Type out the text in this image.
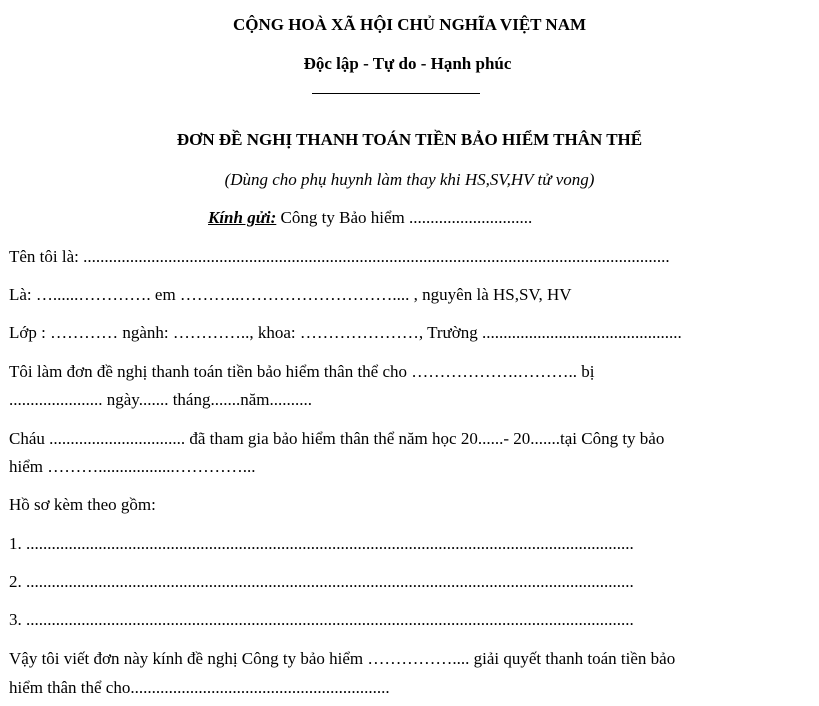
CỘNG HOÀ XÃ HỘI CHỦ NGHĨA VIỆT NAM
Độc lập - Tự do - Hạnh phúc
ĐƠN ĐỀ NGHỊ THANH TOÁN TIỀN BẢO HIỂM THÂN THỂ
(Dùng cho phụ huynh làm thay khi HS,SV,HV tử vong)
Kính gửi: Công ty Bảo hiểm .............................
Tên tôi là: ..........................................................................................................................................
Là: …......…………. em ………..……………………….... , nguyên là HS,SV, HV
Lớp : ………… ngành: ………….., khoa: …………………, Trường ...............................................
Tôi làm đơn đề nghị thanh toán tiền bảo hiểm thân thể cho ……………….……….. bị
...................... ngày....... tháng.......năm..........
Cháu ................................ đã tham gia bảo hiểm thân thể năm học 20......- 20.......tại Công ty bảo
hiểm ………..................…………...
Hồ sơ kèm theo gồm:
1. ...............................................................................................................................................
2. ...............................................................................................................................................
3. ...............................................................................................................................................
Vậy tôi viết đơn này kính đề nghị Công ty bảo hiểm …………….... giải quyết thanh toán tiền bảo
hiểm thân thể cho.............................................................
